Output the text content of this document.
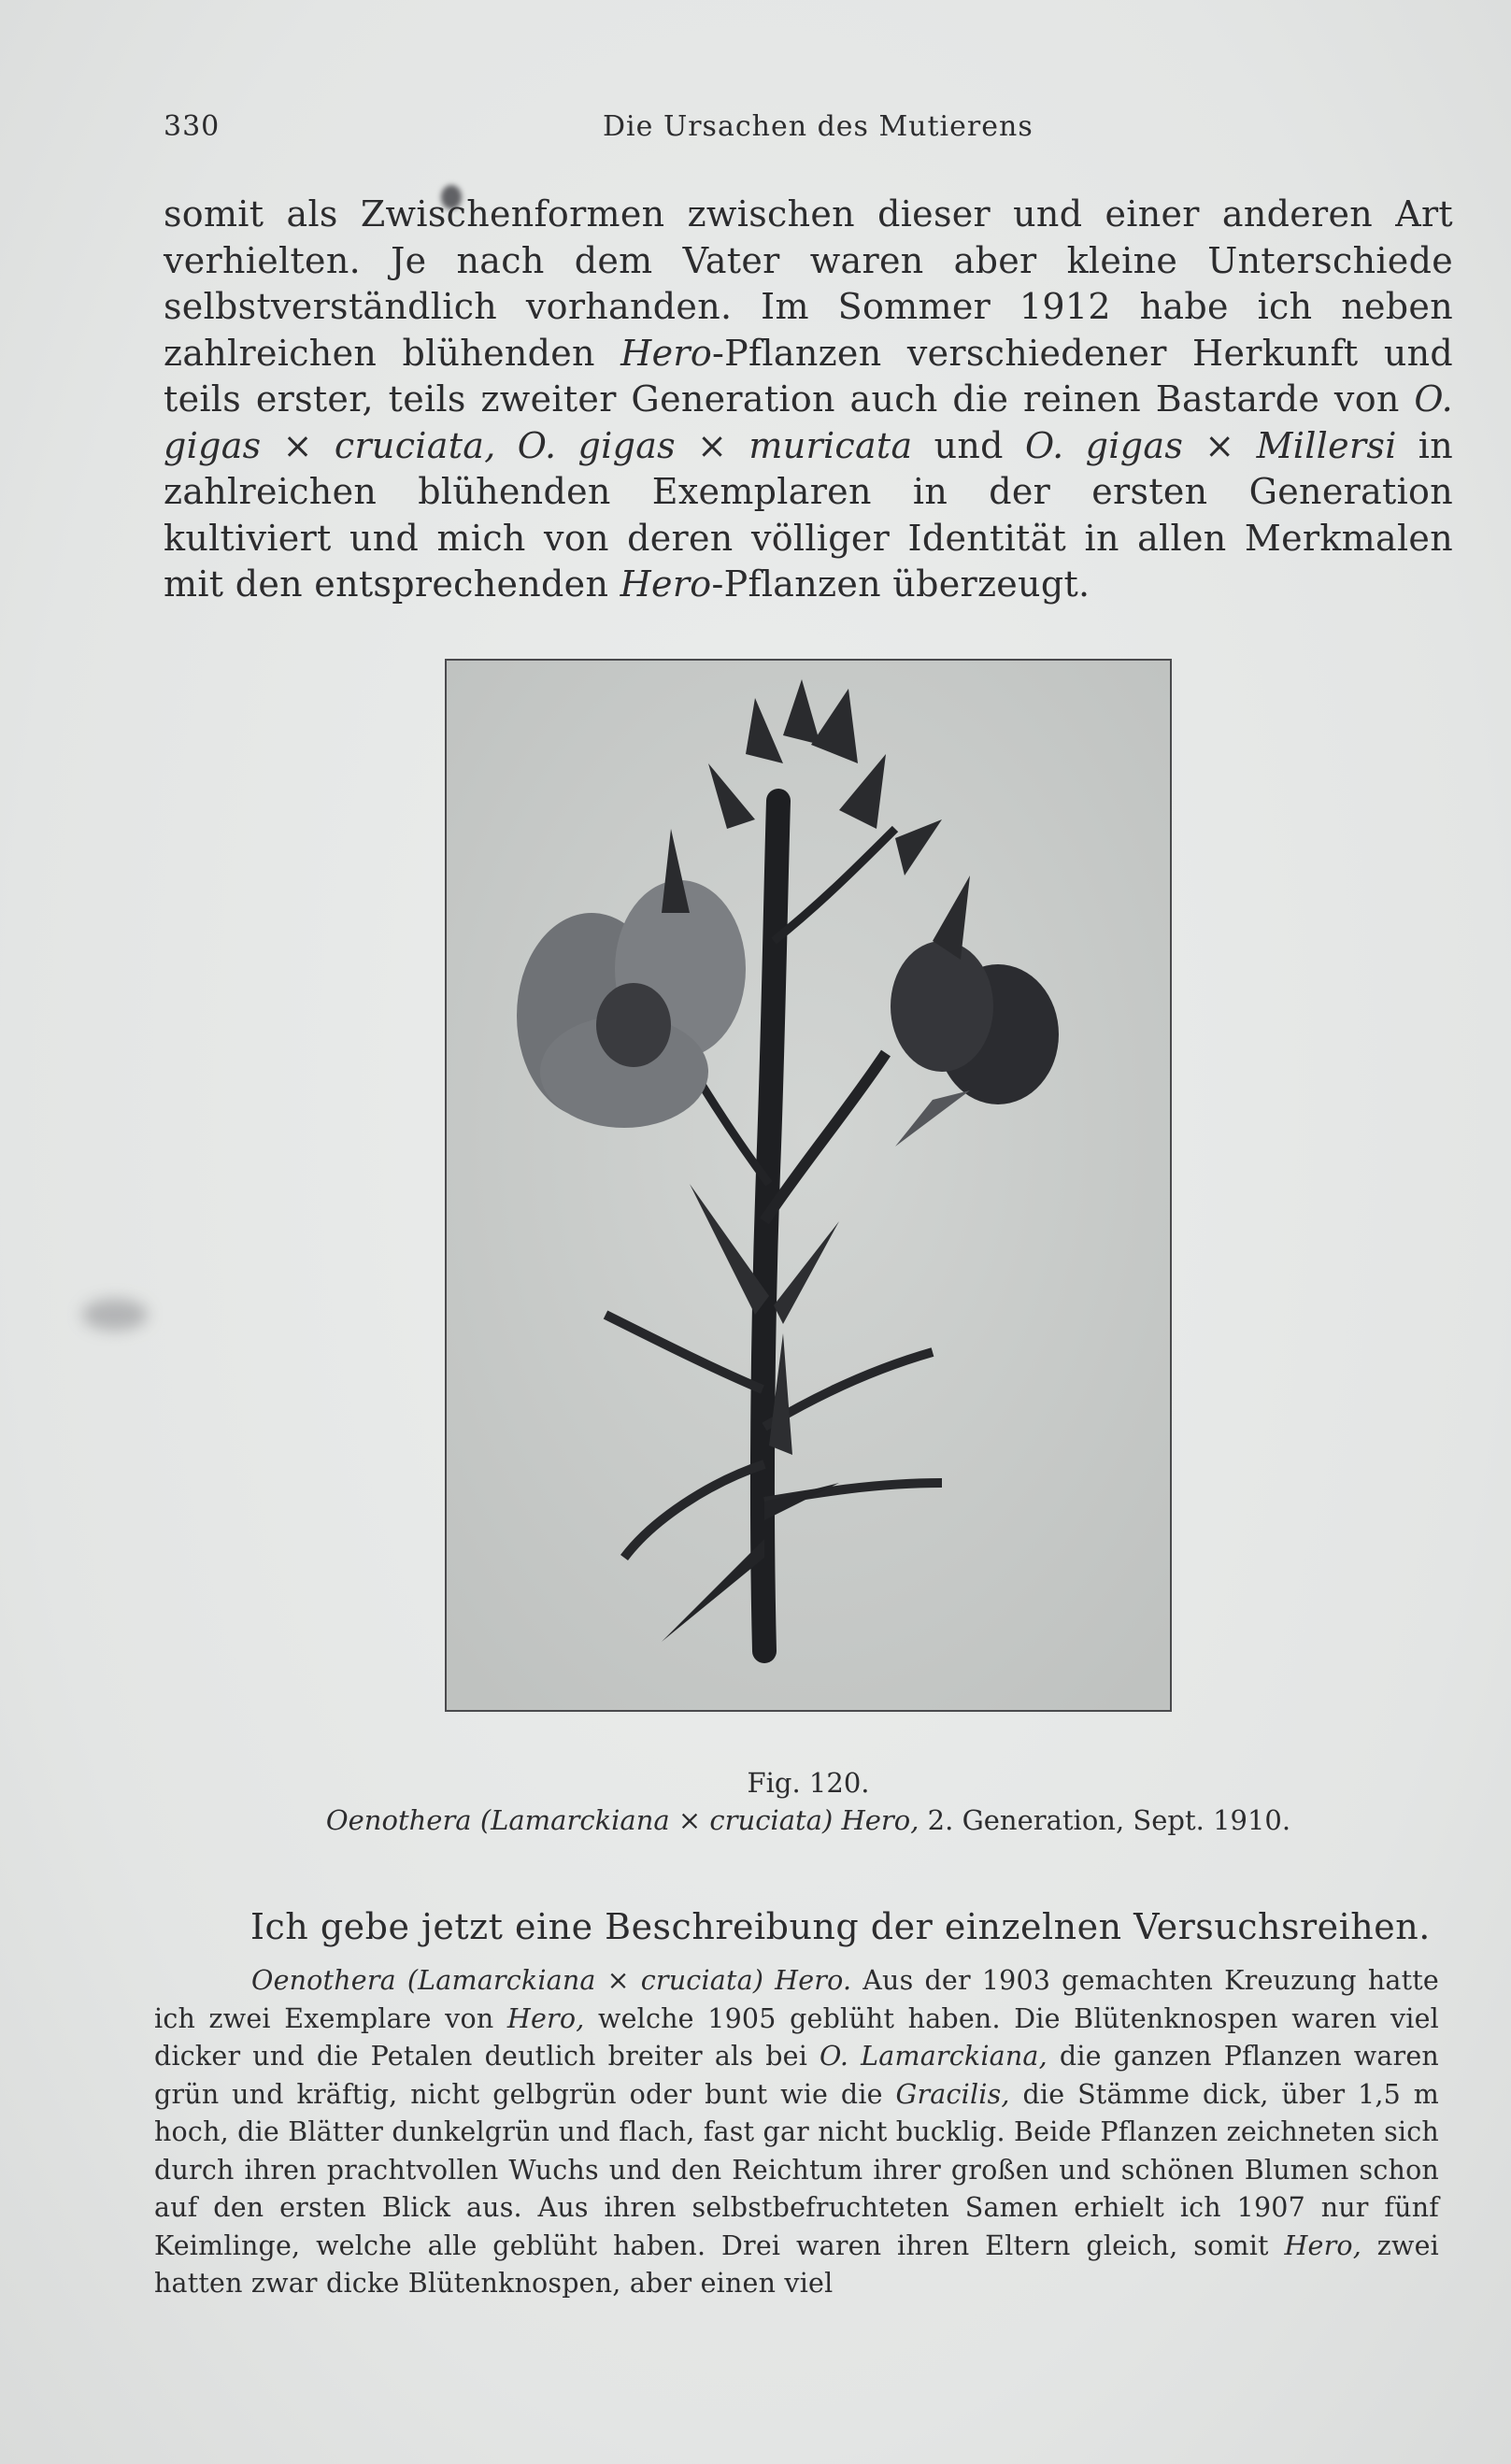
330	Die Ursachen des Mutierens

somit als Zwischenformen zwischen dieser und einer anderen Art verhielten. Je nach dem Vater waren aber kleine Unterschiede selbstverständlich vorhanden. Im Sommer 1912 habe ich neben zahlreichen blühenden Hero-Pflanzen verschiedener Herkunft und teils erster, teils zweiter Generation auch die reinen Bastarde von O. gigas × cruciata, O. gigas × muricata und O. gigas × Millersi in zahlreichen blühenden Exemplaren in der ersten Generation kultiviert und mich von deren völliger Identität in allen Merkmalen mit den entsprechenden Hero-Pflanzen überzeugt.

Fig. 120.
Oenothera (Lamarckiana × cruciata) Hero, 2. Generation, Sept. 1910.
Ich gebe jetzt eine Beschreibung der einzelnen Versuchsreihen.

Oenothera (Lamarckiana × cruciata) Hero. Aus der 1903 gemachten Kreuzung hatte ich zwei Exemplare von Hero, welche 1905 geblüht haben. Die Blütenknospen waren viel dicker und die Petalen deutlich breiter als bei O. Lamarckiana, die ganzen Pflanzen waren grün und kräftig, nicht gelbgrün oder bunt wie die Gracilis, die Stämme dick, über 1,5 m hoch, die Blätter dunkelgrün und flach, fast gar nicht bucklig. Beide Pflanzen zeichneten sich durch ihren prachtvollen Wuchs und den Reichtum ihrer großen und schönen Blumen schon auf den ersten Blick aus. Aus ihren selbstbefruchteten Samen erhielt ich 1907 nur fünf Keimlinge, welche alle geblüht haben. Drei waren ihren Eltern gleich, somit Hero, zwei hatten zwar dicke Blütenknospen, aber einen viel
